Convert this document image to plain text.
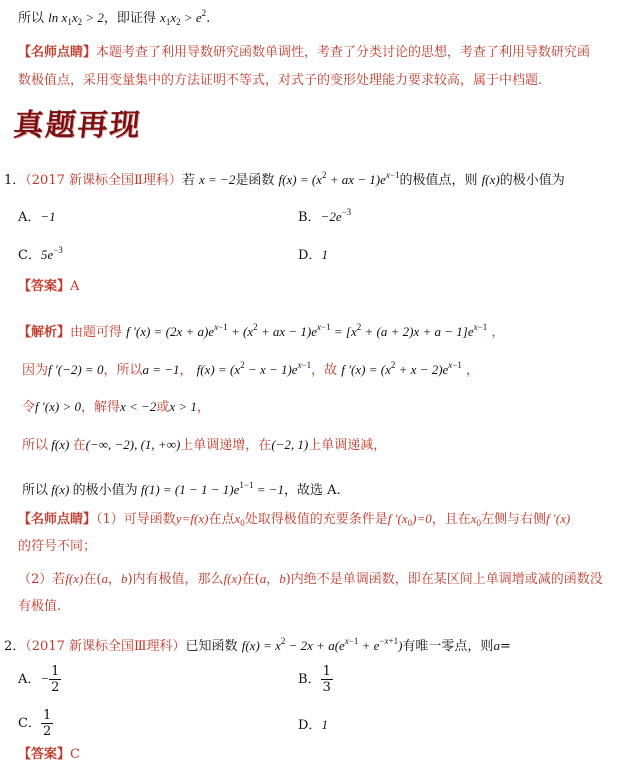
所以 $\ln x_1x_2 > 2$，即证得 $x_1x_2 > e^2$.
【名师点睛】本题考查了利用导数研究函数单调性，考查了分类讨论的思想，考查了利用导数研究函
数极值点，采用变量集中的方法证明不等式，对式子的变形处理能力要求较高，属于中档题.
真题再现
1．（2017 新课标全国Ⅱ理科）若 x = −2是函数 $f(x) = (x^2$ + ax − $1)e^{x-1}$的极值点，则 f(x)的极小值为
A．−1	B．$-2e^{-3}$
C．$5e^{-3}$	D．1
【答案】A
【解析】由题可得 f $'(x) = (2x + a)e^{x-1} + (x^2$ + ax − $1)e^{x-1} = [x^2 + (a + 2)x + a - 1]e^{x-1}$ ，
因为f ′(−2) = 0，所以a = −1， $f(x) = (x^2 - x - 1)e^{x-1}$，故 f $'(x) = (x^2 + x - 2)e^{x-1}$ ，
令f ′(x) > 0，解得x < −2或x > 1，
所以 f(x) 在(−∞, −2), (1, +∞)上单调递增，在(−2, 1)上单调递减，
所以 f(x) 的极小值为 $f(1) = (1 - 1 - 1)e^{1-1} = -1$，故选 A.
【名师点睛】（1）可导函数y=f(x)在点$x_0$处取得极值的充要条件是f $'(x_0)=0$，且在$x_0$左侧与右侧f ′(x)
的符号不同；
（2）若f(x)在(a，b)内有极值，那么f(x)在(a，b)内绝不是单调函数，即在某区间上单调增或减的函数没
有极值.
2．（2017 新课标全国Ⅲ理科）已知函数 $f(x) = x^2 - 2x + a(e^{x-1} + e^{-x+1})$有唯一零点，则a=
A．− $\frac{1}{2}$	B． $\frac{1}{3}$
C． $\frac{1}{2}$	D．1
【答案】C
